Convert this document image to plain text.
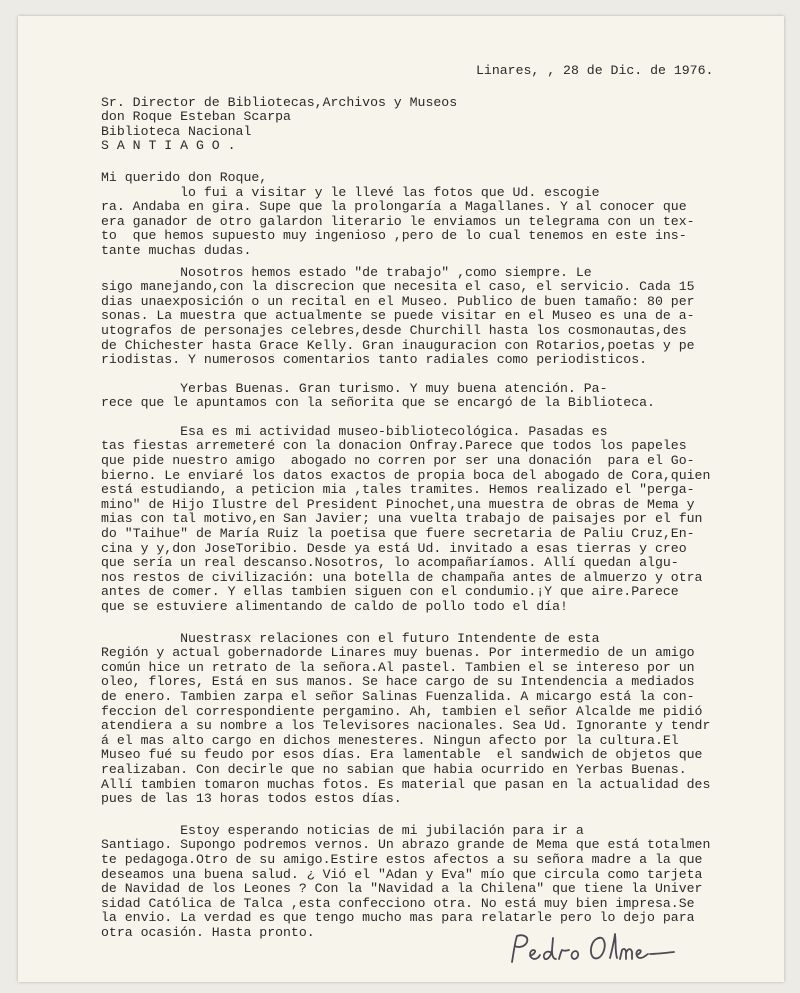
Linares, , 28 de Dic. de 1976.
Sr. Director de Bibliotecas,Archivos y Museos
don Roque Esteban Scarpa
Biblioteca Nacional
S A N T I A G O .
Mi querido don Roque,
lo fui a visitar y le llevé las fotos que Ud. escogie
ra. Andaba en gira. Supe que la prolongaría a Magallanes. Y al conocer que
era ganador de otro galardon literario le enviamos un telegrama con un tex-
to  que hemos supuesto muy ingenioso ,pero de lo cual tenemos en este ins-
tante muchas dudas.
Nosotros hemos estado "de trabajo" ,como siempre. Le
sigo manejando,con la discrecion que necesita el caso, el servicio. Cada 15
dias unaexposición o un recital en el Museo. Publico de buen tamaño: 80 per
sonas. La muestra que actualmente se puede visitar en el Museo es una de a-
utografos de personajes celebres,desde Churchill hasta los cosmonautas,des
de Chichester hasta Grace Kelly. Gran inauguracion con Rotarios,poetas y pe
riodistas. Y numerosos comentarios tanto radiales como periodisticos.
Yerbas Buenas. Gran turismo. Y muy buena atención. Pa-
rece que le apuntamos con la señorita que se encargó de la Biblioteca.
Esa es mi actividad museo-bibliotecológica. Pasadas es
tas fiestas arremeteré con la donacion Onfray.Parece que todos los papeles
que pide nuestro amigo  abogado no corren por ser una donación  para el Go-
bierno. Le enviaré los datos exactos de propia boca del abogado de Cora,quien
está estudiando, a peticion mia ,tales tramites. Hemos realizado el "perga-
mino" de Hijo Ilustre del President Pinochet,una muestra de obras de Mema y
mias con tal motivo,en San Javier; una vuelta trabajo de paisajes por el fun
do "Taihue" de María Ruiz la poetisa que fuere secretaria de Paliu Cruz,En-
cina y y,don JoseToribio. Desde ya está Ud. invitado a esas tierras y creo
que sería un real descanso.Nosotros, lo acompañaríamos. Allí quedan algu-
nos restos de civilización: una botella de champaña antes de almuerzo y otra
antes de comer. Y ellas tambien siguen con el condumio.¡Y que aire.Parece
que se estuviere alimentando de caldo de pollo todo el día!
Nuestrasx relaciones con el futuro Intendente de esta
Región y actual gobernadorde Linares muy buenas. Por intermedio de un amigo
común hice un retrato de la señora.Al pastel. Tambien el se intereso por un
oleo, flores, Está en sus manos. Se hace cargo de su Intendencia a mediados
de enero. Tambien zarpa el señor Salinas Fuenzalida. A micargo está la con-
feccion del correspondiente pergamino. Ah, tambien el señor Alcalde me pidió
atendiera a su nombre a los Televisores nacionales. Sea Ud. Ignorante y tendr
á el mas alto cargo en dichos menesteres. Ningun afecto por la cultura.El
Museo fué su feudo por esos días. Era lamentable  el sandwich de objetos que
realizaban. Con decirle que no sabian que habia ocurrido en Yerbas Buenas.
Allí tambien tomaron muchas fotos. Es material que pasan en la actualidad des
pues de las 13 horas todos estos días.
Estoy esperando noticias de mi jubilación para ir a
Santiago. Supongo podremos vernos. Un abrazo grande de Mema que está totalmen
te pedagoga.Otro de su amigo.Estire estos afectos a su señora madre a la que
deseamos una buena salud. ¿ Vió el "Adan y Eva" mío que circula como tarjeta
de Navidad de los Leones ? Con la "Navidad a la Chilena" que tiene la Univer
sidad Católica de Talca ,esta confecciono otra. No está muy bien impresa.Se
la envio. La verdad es que tengo mucho mas para relatarle pero lo dejo para
otra ocasión. Hasta pronto.
